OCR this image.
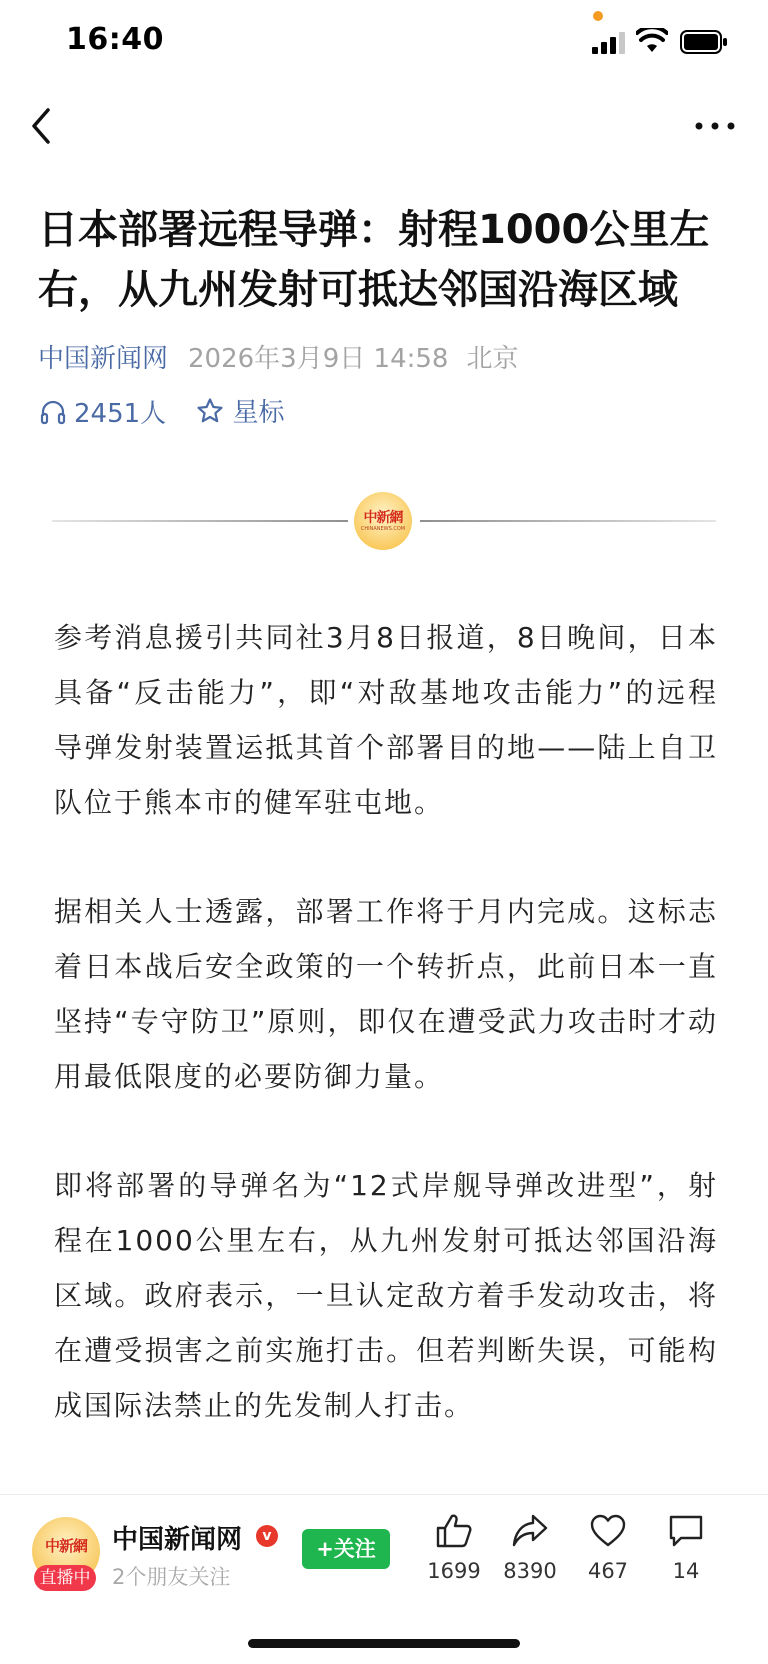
16:40
日本部署远程导弹：射程1000公里左右，从九州发射可抵达邻国沿海区域
中国新闻网 2026年3月9日 14:58 北京
2451人
	星标
中新網
CHINANEWS.COM

参考消息援引共同社3月8日报道，8日晚间，日本具备“反击能力”，即“对敌基地攻击能力”的远程导弹发射装置运抵其首个部署目的地——陆上自卫队位于熊本市的健军驻屯地。

据相关人士透露，部署工作将于月内完成。这标志着日本战后安全政策的一个转折点，此前日本一直坚持“专守防卫”原则，即仅在遭受武力攻击时才动用最低限度的必要防御力量。

即将部署的导弹名为“12式岸舰导弹改进型”，射程在1000公里左右，从九州发射可抵达邻国沿海区域。政府表示，一旦认定敌方着手发动攻击，将在遭受损害之前实施打击。但若判断失误，可能构成国际法禁止的先发制人打击。

中新網
直播中
中国新闻网	v
2个朋友关注
+关注
1699	8390	467	14
